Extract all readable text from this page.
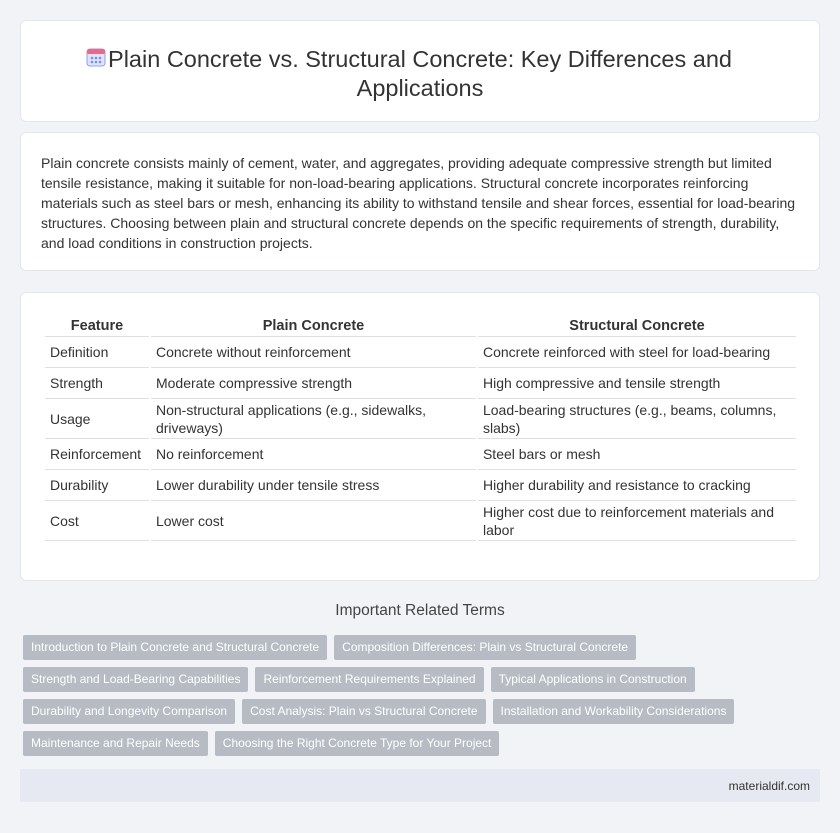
Plain Concrete vs. Structural Concrete: Key Differences and Applications

Plain concrete consists mainly of cement, water, and aggregates, providing adequate compressive strength but limited tensile resistance, making it suitable for non-load-bearing applications. Structural concrete incorporates reinforcing materials such as steel bars or mesh, enhancing its ability to withstand tensile and shear forces, essential for load-bearing structures. Choosing between plain and structural concrete depends on the specific requirements of strength, durability, and load conditions in construction projects.

Feature	Plain Concrete	Structural Concrete
Definition	Concrete without reinforcement	Concrete reinforced with steel for load-bearing
Strength	Moderate compressive strength	High compressive and tensile strength
Usage	Non-structural applications (e.g., sidewalks, driveways)	Load-bearing structures (e.g., beams, columns, slabs)
Reinforcement	No reinforcement	Steel bars or mesh
Durability	Lower durability under tensile stress	Higher durability and resistance to cracking
Cost	Lower cost	Higher cost due to reinforcement materials and labor
Important Related Terms
Introduction to Plain Concrete and Structural Concrete	Composition Differences: Plain vs Structural Concrete
Strength and Load-Bearing Capabilities	Reinforcement Requirements Explained	Typical Applications in Construction
Durability and Longevity Comparison	Cost Analysis: Plain vs Structural Concrete	Installation and Workability Considerations
Maintenance and Repair Needs	Choosing the Right Concrete Type for Your Project
materialdif.com
